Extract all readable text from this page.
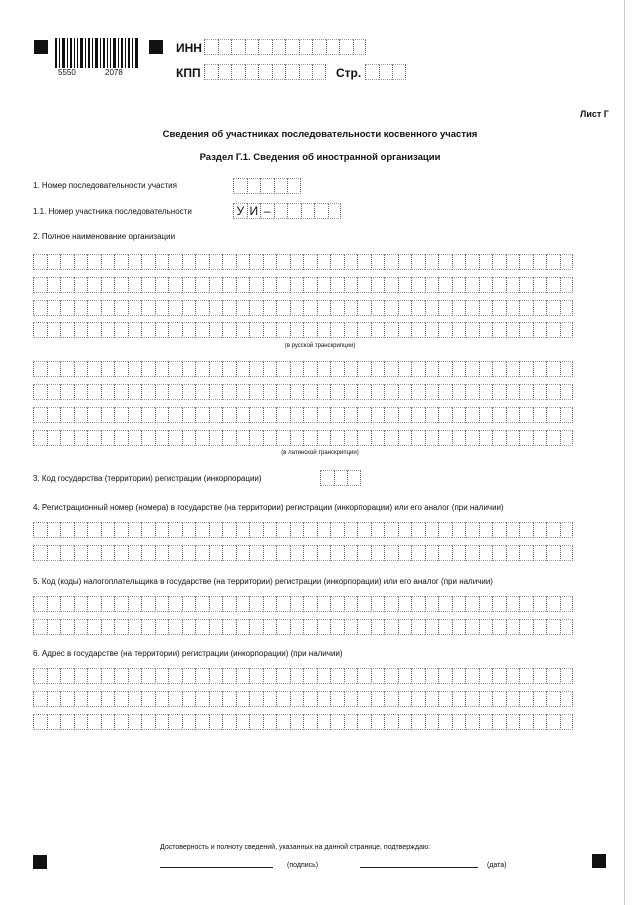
5550	2078
ИНН
КПП	Стр.
Лист Г
Сведения об участниках последовательности косвенного участия
Раздел Г.1. Сведения об иностранной организации
1. Номер последовательности участия
1.1. Номер участника последовательности	У И –
2. Полное наименование организации
(в русской транскрипции)
(в латинской транскрипции)
3. Код государства (территории) регистрации (инкорпорации)
4. Регистрационный номер (номера) в государстве (на территории) регистрации (инкорпорации) или его аналог (при наличии)
5. Код (коды) налогоплательщика в государстве (на территории) регистрации (инкорпорации) или его аналог (при наличии)
6. Адрес в государстве (на территории) регистрации (инкорпорации) (при наличии)
Достоверность и полноту сведений, указанных на данной странице, подтверждаю:
(подпись)	(дата)
